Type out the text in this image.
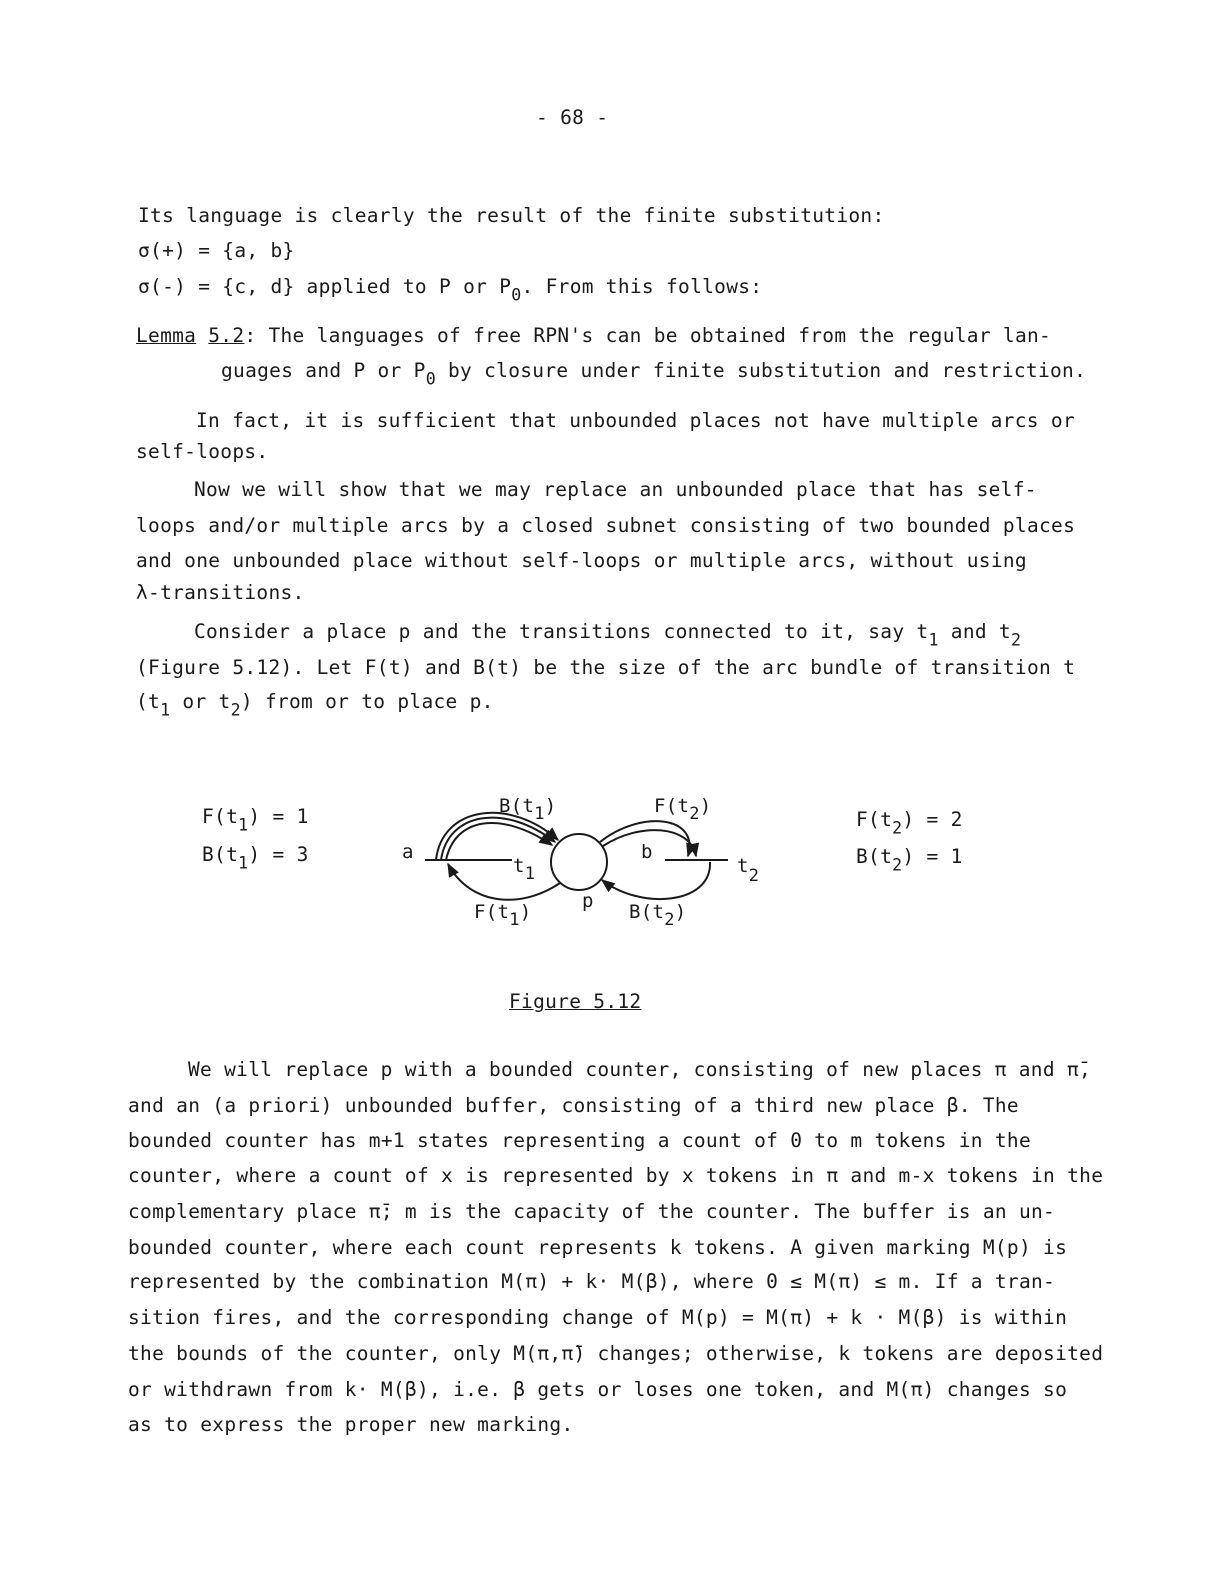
- 68 -
Its language is clearly the result of the finite substitution:
σ(+) = {a, b}
σ(-) = {c, d} applied to P or $P_0$. From this follows:
Lemma 5.2: The languages of free RPN's can be obtained from the regular lan-
guages and P or $P_0$ by closure under finite substitution and restriction.
In fact, it is sufficient that unbounded places not have multiple arcs or
self-loops.
Now we will show that we may replace an unbounded place that has self-
loops and/or multiple arcs by a closed subnet consisting of two bounded places
and one unbounded place without self-loops or multiple arcs, without using
λ-transitions.
Consider a place p and the transitions connected to it, say $t_1$ and $t_2$
(Figure 5.12). Let F(t) and B(t) be the size of the arc bundle of transition t
($t_1$ or $t_2$) from or to place p.
$F(t_1) = 1$
$B(t_1) = 3$
$F(t_2) = 2$
$B(t_2) = 1$
a	b
p
t1	t2
B(t1)	F(t2)
F(t1)	B(t2)
Figure 5.12
We will replace p with a bounded counter, consisting of new places π and π̄,
and an (a priori) unbounded buffer, consisting of a third new place β. The
bounded counter has m+1 states representing a count of 0 to m tokens in the
counter, where a count of x is represented by x tokens in π and m-x tokens in the
complementary place π̄; m is the capacity of the counter. The buffer is an un-
bounded counter, where each count represents k tokens. A given marking M(p) is
represented by the combination M(π) + k· M(β), where 0 ≤ M(π) ≤ m. If a tran-
sition fires, and the corresponding change of M(p) = M(π) + k · M(β) is within
the bounds of the counter, only M(π,π̄) changes; otherwise, k tokens are deposited
or withdrawn from k· M(β), i.e. β gets or loses one token, and M(π) changes so
as to express the proper new marking.
